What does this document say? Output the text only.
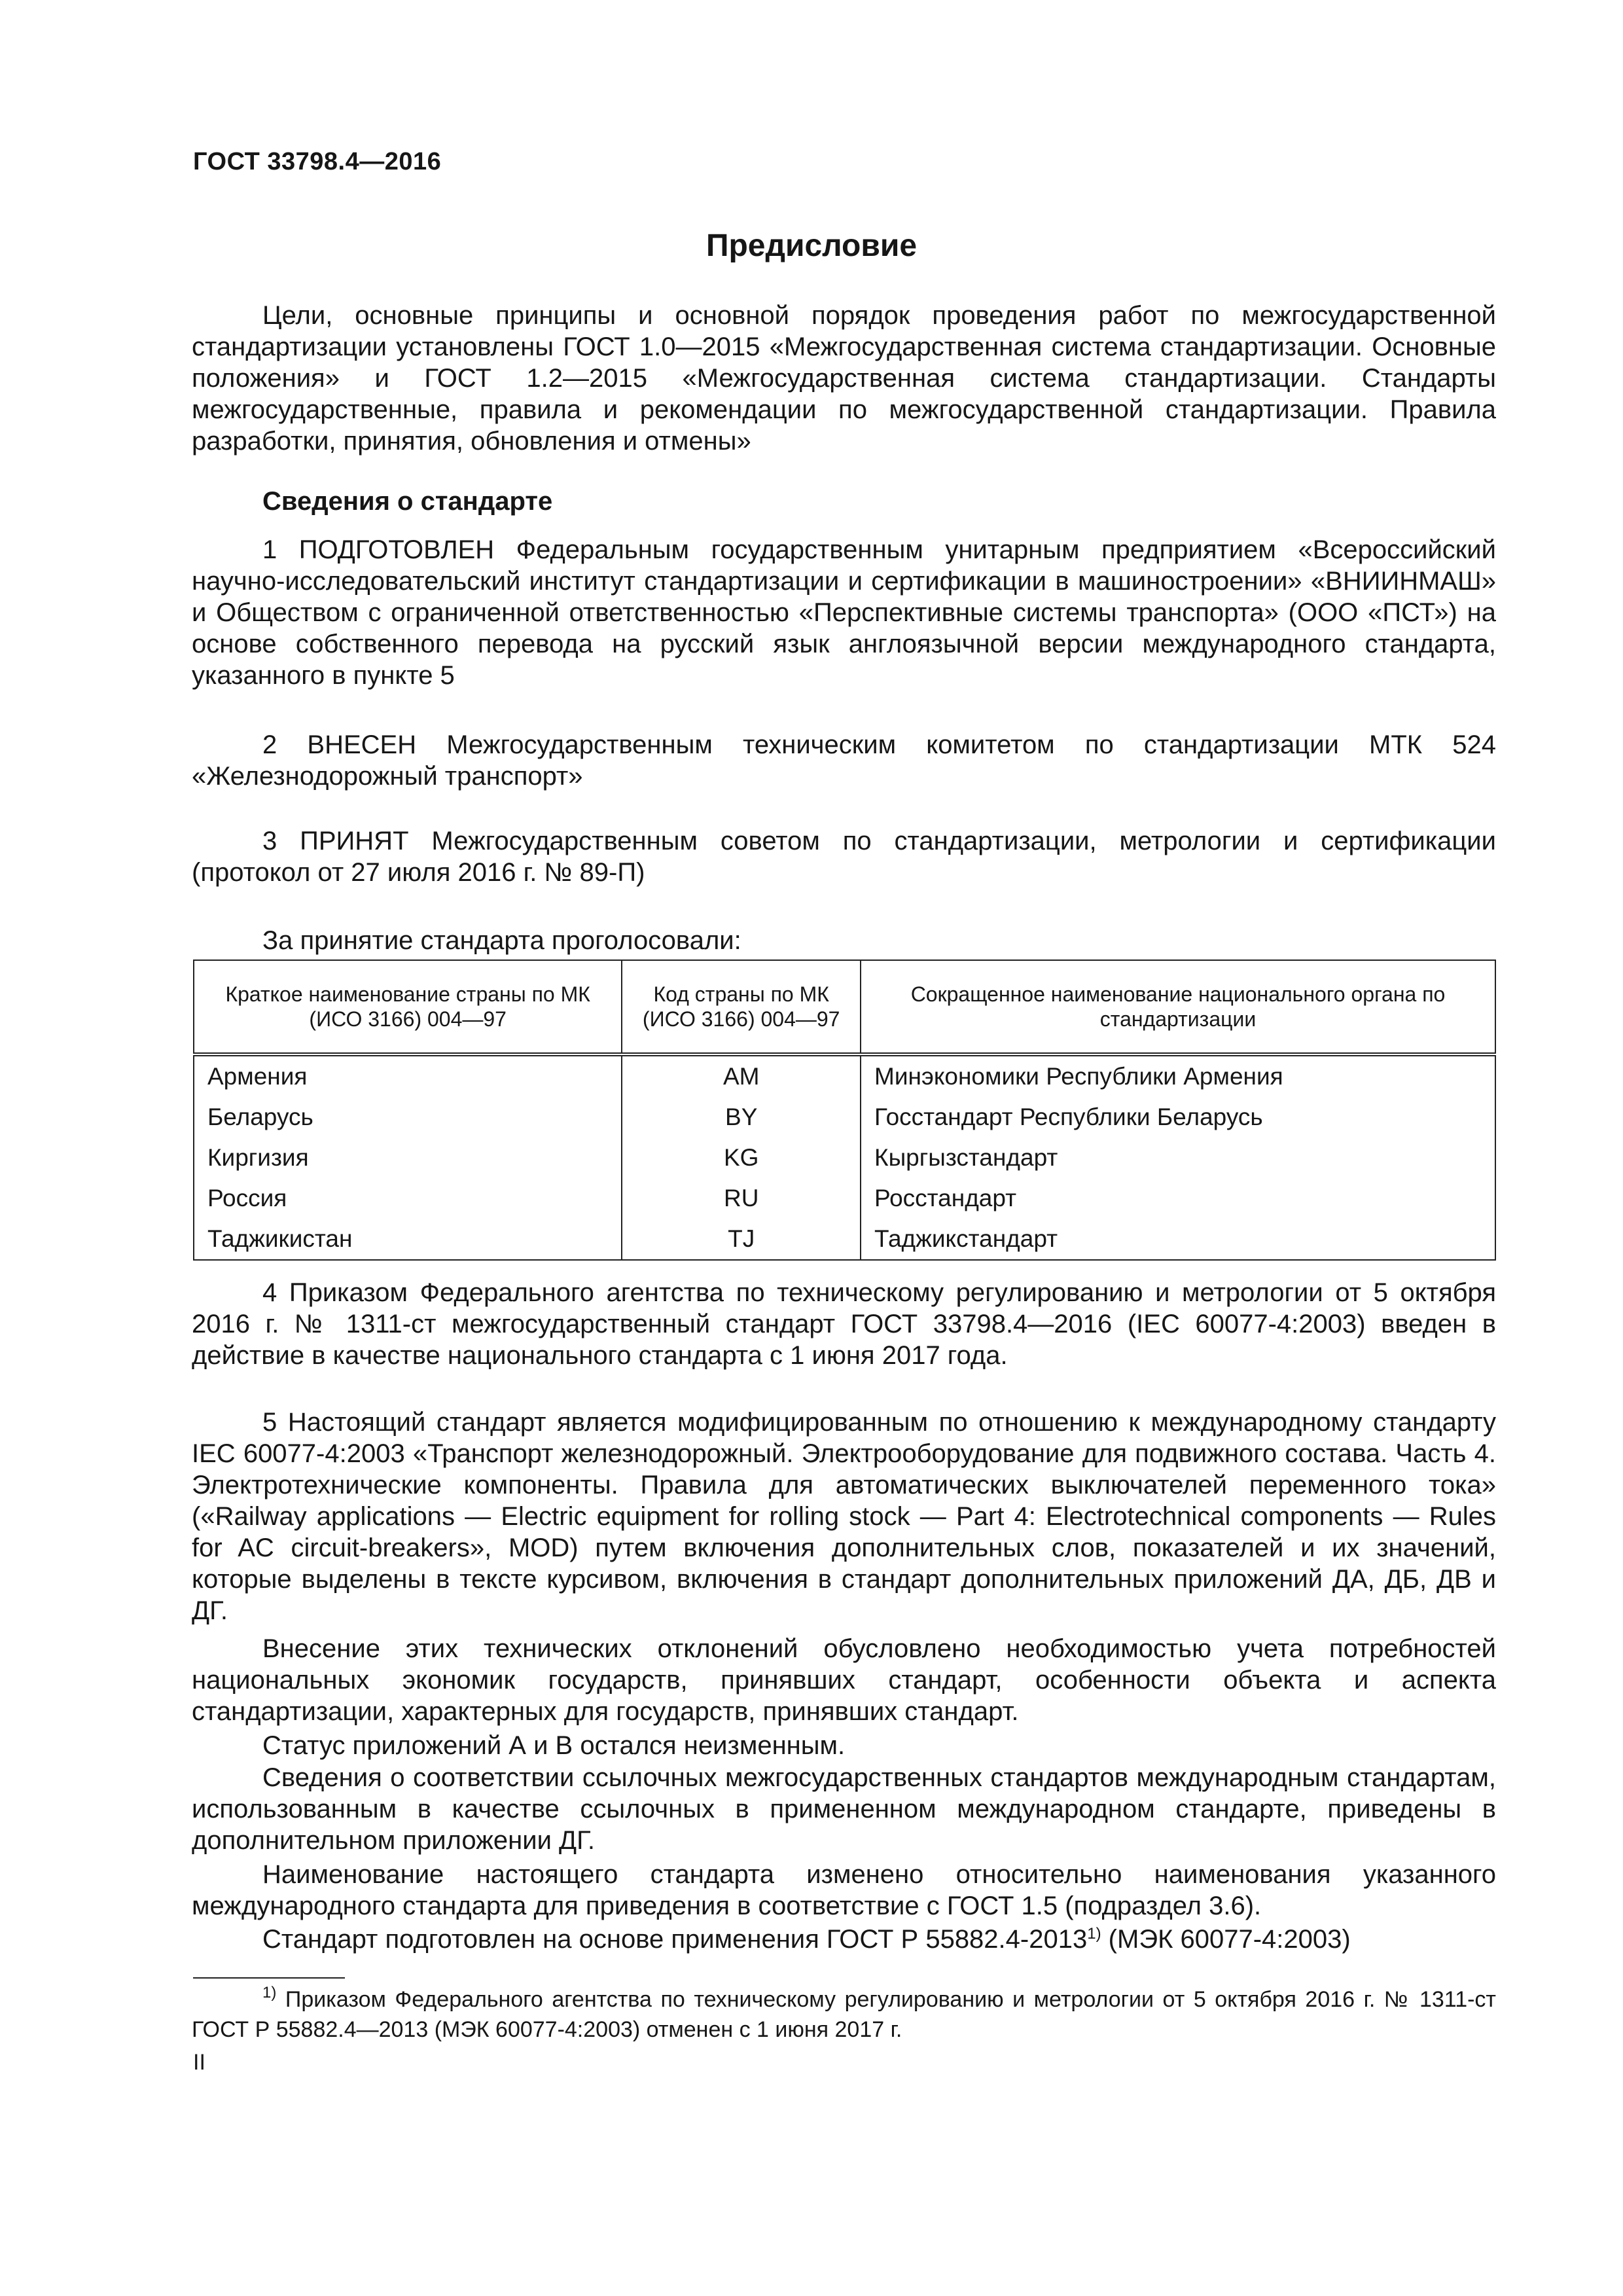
ГОСТ 33798.4—2016
Предисловие

Цели, основные принципы и основной порядок проведения работ по межгосударственной стандартизации установлены ГОСТ 1.0—2015 «Межгосударственная система стандартизации. Основные положения» и ГОСТ 1.2—2015 «Межгосударственная система стандартизации. Стандарты межгосударственные, правила и рекомендации по межгосударственной стандартизации. Правила разработки, принятия, обновления и отмены»

Сведения о стандарте

1 ПОДГОТОВЛЕН Федеральным государственным унитарным предприятием «Всероссийский научно-исследовательский институт стандартизации и сертификации в машиностроении» «ВНИИНМАШ» и Обществом с ограниченной ответственностью «Перспективные системы транспорта» (ООО «ПСТ») на основе собственного перевода на русский язык англоязычной версии международного стандарта, указанного в пункте 5

2 ВНЕСЕН Межгосударственным техническим комитетом по стандартизации МТК 524 «Железнодорожный транспорт»

3 ПРИНЯТ Межгосударственным советом по стандартизации, метрологии и сертификации (протокол от 27 июля 2016 г. № 89-П)

За принятие стандарта проголосовали:
Краткое наименование страны по МК (ИСО 3166) 004—97	Код страны по МК (ИСО 3166) 004—97	Сокращенное наименование национального органа по стандартизации
Армения	AM	Минэкономики Республики Армения
Беларусь	BY	Госстандарт Республики Беларусь
Киргизия	KG	Кыргызстандарт
Россия	RU	Росстандарт
Таджикистан	TJ	Таджикстандарт

4 Приказом Федерального агентства по техническому регулированию и метрологии от 5 октября 2016 г. № 1311-ст межгосударственный стандарт ГОСТ 33798.4—2016 (IEC 60077-4:2003) введен в действие в качестве национального стандарта с 1 июня 2017 года.

5 Настоящий стандарт является модифицированным по отношению к международному стандарту IEC 60077-4:2003 «Транспорт железнодорожный. Электрооборудование для подвижного состава. Часть 4. Электротехнические компоненты. Правила для автоматических выключателей переменного тока» («Railway applications — Electric equipment for rolling stock — Part 4: Electrotechnical components — Rules for AC circuit-breakers», MOD) путем включения дополнительных слов, показателей и их значений, которые выделены в тексте курсивом, включения в стандарт дополнительных приложений ДА, ДБ, ДВ и ДГ.

Внесение этих технических отклонений обусловлено необходимостью учета потребностей национальных экономик государств, принявших стандарт, особенности объекта и аспекта стандартизации, характерных для государств, принявших стандарт.

Статус приложений А и В остался неизменным.

Сведения о соответствии ссылочных межгосударственных стандартов международным стандартам, использованным в качестве ссылочных в примененном международном стандарте, приведены в дополнительном приложении ДГ.

Наименование настоящего стандарта изменено относительно наименования указанного международного стандарта для приведения в соответствие с ГОСТ 1.5 (подраздел 3.6).

Стандарт подготовлен на основе применения ГОСТ Р 55882.4-2013$^{1)}$ (МЭК 60077-4:2003)

$^{1)}$ Приказом Федерального агентства по техническому регулированию и метрологии от 5 октября 2016 г. № 1311-ст ГОСТ Р 55882.4—2013 (МЭК 60077-4:2003) отменен с 1 июня 2017 г.

II
